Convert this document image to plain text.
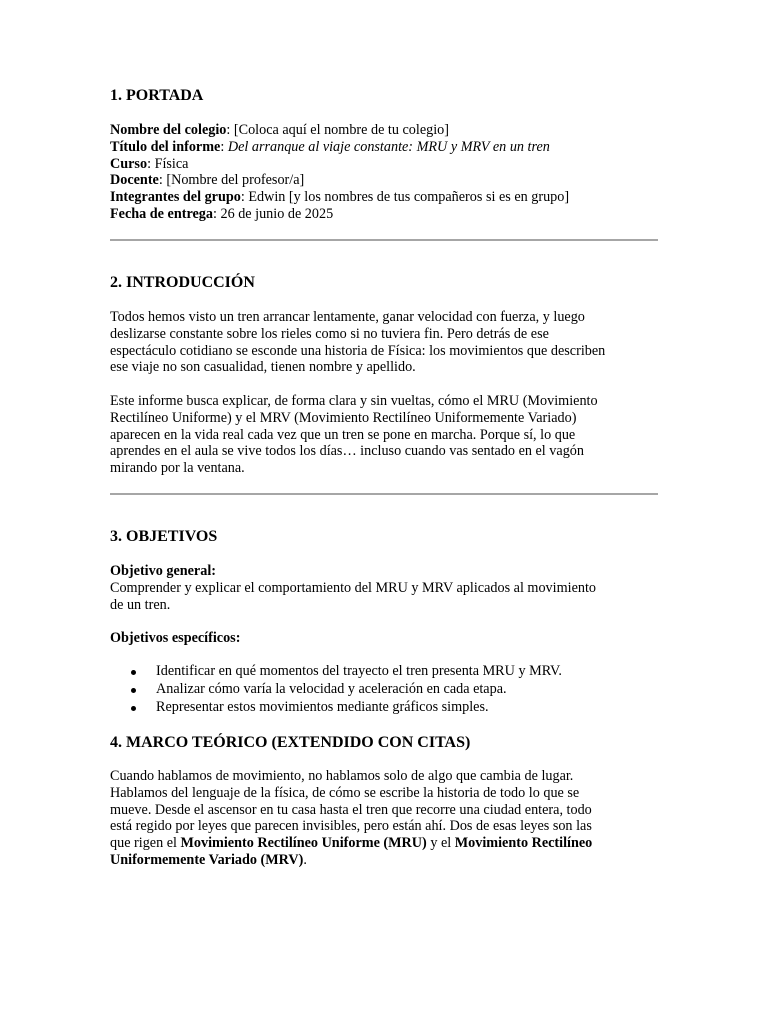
1. PORTADA
Nombre del colegio: [Coloca aquí el nombre de tu colegio]
Título del informe: Del arranque al viaje constante: MRU y MRV en un tren
Curso: Física
Docente: [Nombre del profesor/a]
Integrantes del grupo: Edwin [y los nombres de tus compañeros si es en grupo]
Fecha de entrega: 26 de junio de 2025
2. INTRODUCCIÓN
Todos hemos visto un tren arrancar lentamente, ganar velocidad con fuerza, y luego
deslizarse constante sobre los rieles como si no tuviera fin. Pero detrás de ese
espectáculo cotidiano se esconde una historia de Física: los movimientos que describen
ese viaje no son casualidad, tienen nombre y apellido.
Este informe busca explicar, de forma clara y sin vueltas, cómo el MRU (Movimiento
Rectilíneo Uniforme) y el MRV (Movimiento Rectilíneo Uniformemente Variado)
aparecen en la vida real cada vez que un tren se pone en marcha. Porque sí, lo que
aprendes en el aula se vive todos los días… incluso cuando vas sentado en el vagón
mirando por la ventana.
3. OBJETIVOS
Objetivo general:
Comprender y explicar el comportamiento del MRU y MRV aplicados al movimiento
de un tren.
Objetivos específicos:
Identificar en qué momentos del trayecto el tren presenta MRU y MRV.
Analizar cómo varía la velocidad y aceleración en cada etapa.
Representar estos movimientos mediante gráficos simples.
4. MARCO TEÓRICO (EXTENDIDO CON CITAS)
Cuando hablamos de movimiento, no hablamos solo de algo que cambia de lugar.
Hablamos del lenguaje de la física, de cómo se escribe la historia de todo lo que se
mueve. Desde el ascensor en tu casa hasta el tren que recorre una ciudad entera, todo
está regido por leyes que parecen invisibles, pero están ahí. Dos de esas leyes son las
que rigen el Movimiento Rectilíneo Uniforme (MRU) y el Movimiento Rectilíneo
Uniformemente Variado (MRV).
